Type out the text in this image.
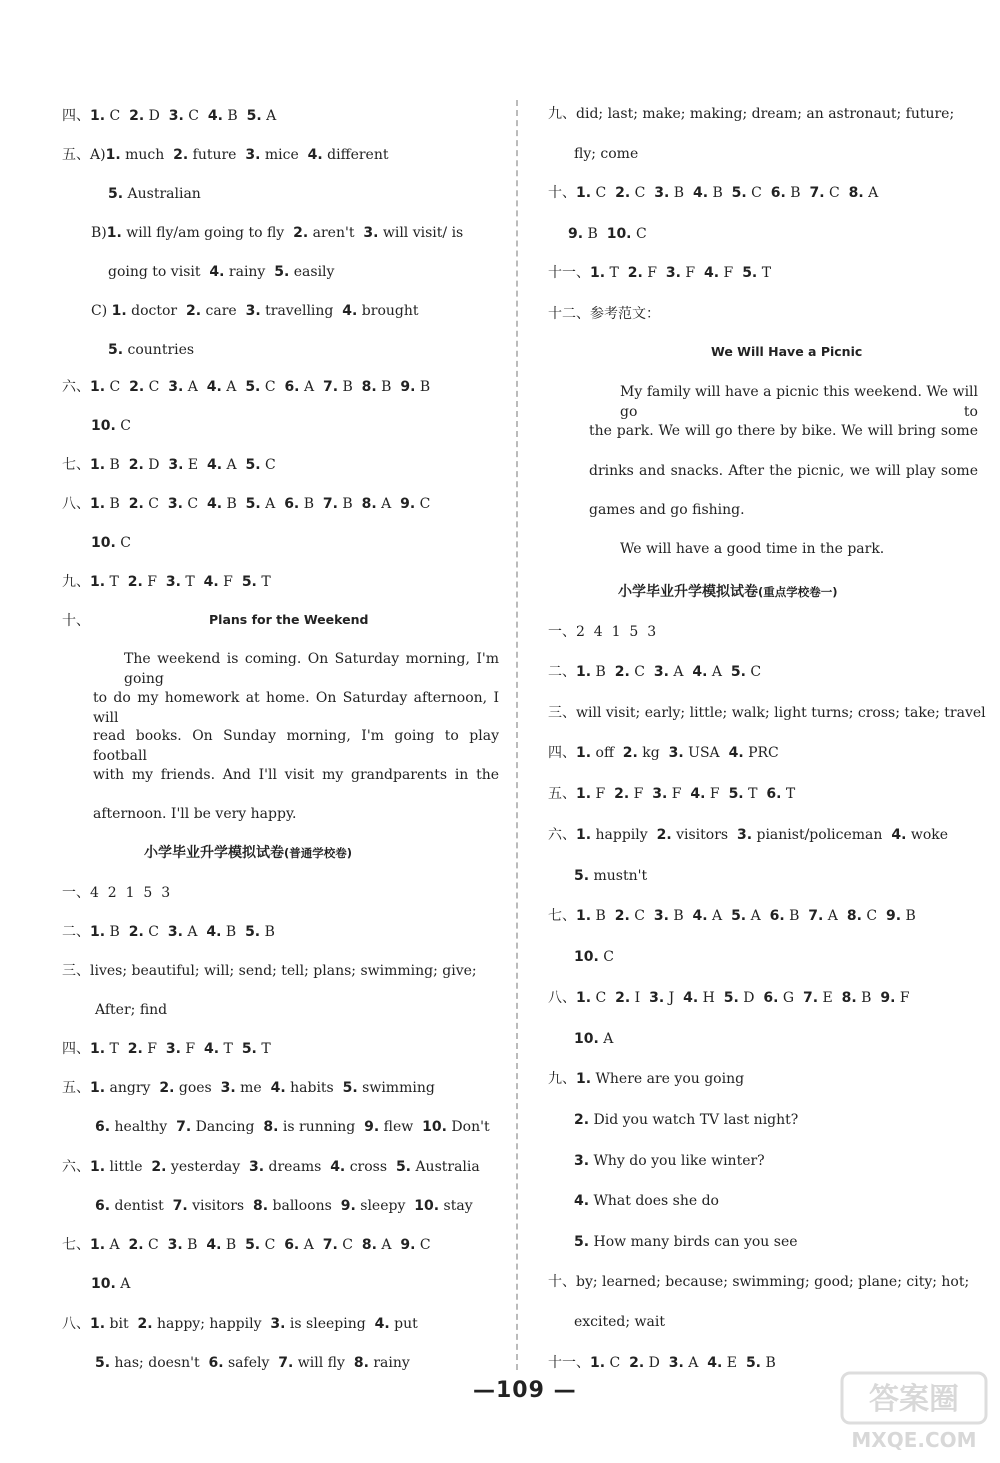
四、1. C  2. D  3. C  4. B  5. A
五、A)1. much  2. future  3. mice  4. different
5. Australian
B)1. will fly/am going to fly  2. aren't  3. will visit/ is
going to visit  4. rainy  5. easily
C) 1. doctor  2. care  3. travelling  4. brought
5. countries
六、1. C  2. C  3. A  4. A  5. C  6. A  7. B  8. B  9. B
10. C
七、1. B  2. D  3. E  4. A  5. C
八、1. B  2. C  3. C  4. B  5. A  6. B  7. B  8. A  9. C
10. C
九、1. T  2. F  3. T  4. F  5. T
十、
四、1. T  2. F  3. F  4. T  5. T
五、1. angry  2. goes  3. me  4. habits  5. swimming
6. healthy  7. Dancing  8. is running  9. flew  10. Don't
六、1. little  2. yesterday  3. dreams  4. cross  5. Australia
6. dentist  7. visitors  8. balloons  9. sleepy  10. stay
七、1. A  2. C  3. B  4. B  5. C  6. A  7. C  8. A  9. C
10. A
八、1. bit  2. happy; happily  3. is sleeping  4. put
5. has; doesn't  6. safely  7. will fly  8. rainy
一、4  2  1  5  3
二、1. B  2. C  3. A  4. B  5. B
三、lives; beautiful; will; send; tell; plans; swimming; give;
After; find
Plans for the Weekend
The weekend is coming. On Saturday morning, I'm going
to do my homework at home. On Saturday afternoon, I will
read books. On Sunday morning, I'm going to play football
with my friends. And I'll visit my grandparents in the
afternoon. I'll be very happy.
小学毕业升学模拟试卷(普通学校卷)
九、did; last; make; making; dream; an astronaut; future;
fly; come
十、1. C  2. C  3. B  4. B  5. C  6. B  7. C  8. A
9. B  10. C
十一、1. T  2. F  3. F  4. F  5. T
十二、参考范文：
一、2  4  1  5  3
二、1. B  2. C  3. A  4. A  5. C
三、will visit; early; little; walk; light turns; cross; take; travel
四、1. off  2. kg  3. USA  4. PRC
五、1. F  2. F  3. F  4. F  5. T  6. T
六、1. happily  2. visitors  3. pianist/policeman  4. woke
5. mustn't
七、1. B  2. C  3. B  4. A  5. A  6. B  7. A  8. C  9. B
10. C
八、1. C  2. I  3. J  4. H  5. D  6. G  7. E  8. B  9. F
10. A
九、1. Where are you going
2. Did you watch TV last night?
3. Why do you like winter?
4. What does she do
5. How many birds can you see
十、by; learned; because; swimming; good; plane; city; hot;
excited; wait
十一、1. C  2. D  3. A  4. E  5. B
We Will Have a Picnic
My family will have a picnic this weekend. We will go to
the park. We will go there by bike. We will bring some
drinks and snacks. After the picnic, we will play some
games and go fishing.
We will have a good time in the park.
小学毕业升学模拟试卷(重点学校卷一)
—109 —	答案圈
MXQE.COM
